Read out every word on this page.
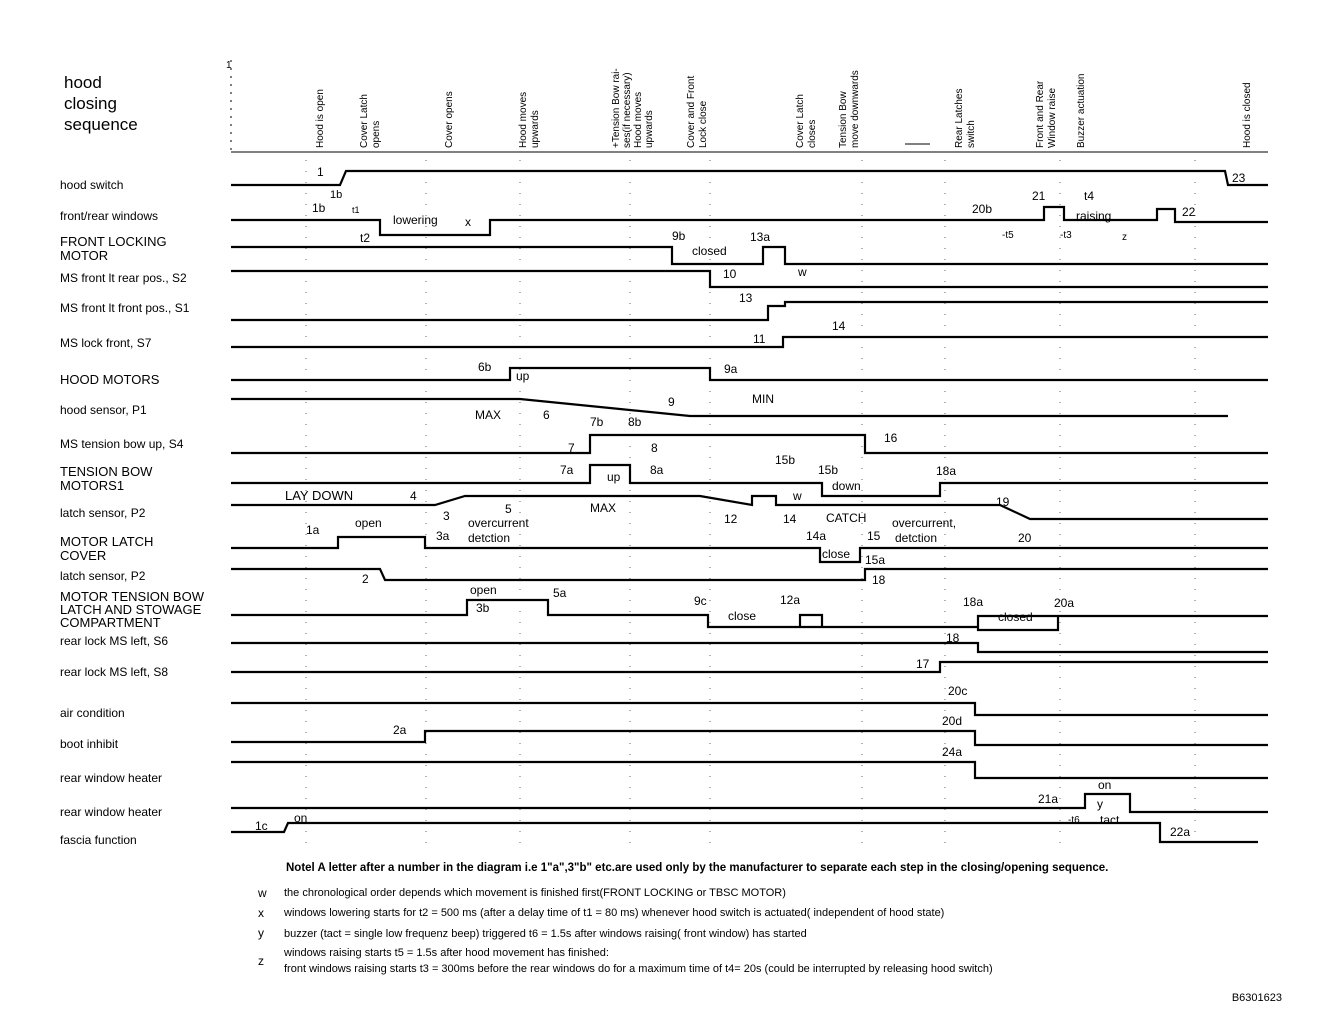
hood
closing
sequence
hood switch
front/rear windows
FRONT LOCKING
MOTOR
MS front lt rear pos., S2
MS front lt front pos., S1
MS lock front, S7
HOOD MOTORS
hood sensor, P1
MS tension bow up, S4
TENSION BOW
MOTORS1
latch sensor, P2
MOTOR LATCH
COVER
latch sensor, P2
MOTOR TENSION BOW
LATCH AND STOWAGE
COMPARTMENT
rear lock MS left, S6
rear lock MS left, S8
air condition
boot inhibit
rear window heater
rear window heater
fascia function
1
Hood is open	Cover Latch opens	Cover opens	Hood moves upwards	+Tension Bow rai- ses(if necessary) Hood moves upwards	Cover and Front Lock close	Cover Latch closes Tension Bow move downwards	Rear Latches switch	Front and Rear Window raise Buzzer actuation	Hood is closed
1
1b	t1
t2
lowering x
20b
21	t4
raising	22
-t5	-t3	z
23
9b
closed
13a
10	w
13
14
11
6b
up	9a
MAX	6	7b 8b
9	MIN
7	8
16
7a	up 8a
15b
15b
down
18a
LAY DOWN	4
5	MAX
12
w
14 CATCH
19
1a	open	3 overcurrent
3a detction	14a	15
overcurrent,
detction	20
close 15a
2	18
open
3b
5a
9c
close
12a	18a
closed
20a
18
17
20c
2a
20d
24a
on
21a	y
-t6 tact
22a
1c
on
1b
Notel A letter after a number in the diagram i.e 1"a",3"b" etc.are used only by the manufacturer to separate each step in the closing/opening sequence.
w the chronological order depends which movement is finished first(FRONT LOCKING or TBSC MOTOR)
x windows lowering starts for t2 = 500 ms (after a delay time of t1 = 80 ms) whenever hood switch is actuated( independent of hood state)
y buzzer (tact = single low frequenz beep) triggered t6 = 1.5s after windows raising( front window) has started
z
windows raising starts t5 = 1.5s after hood movement has finished:
front windows raising starts t3 = 300ms before the rear windows do for a maximum time of t4= 20s (could be interrupted by releasing hood switch)
B6301623
